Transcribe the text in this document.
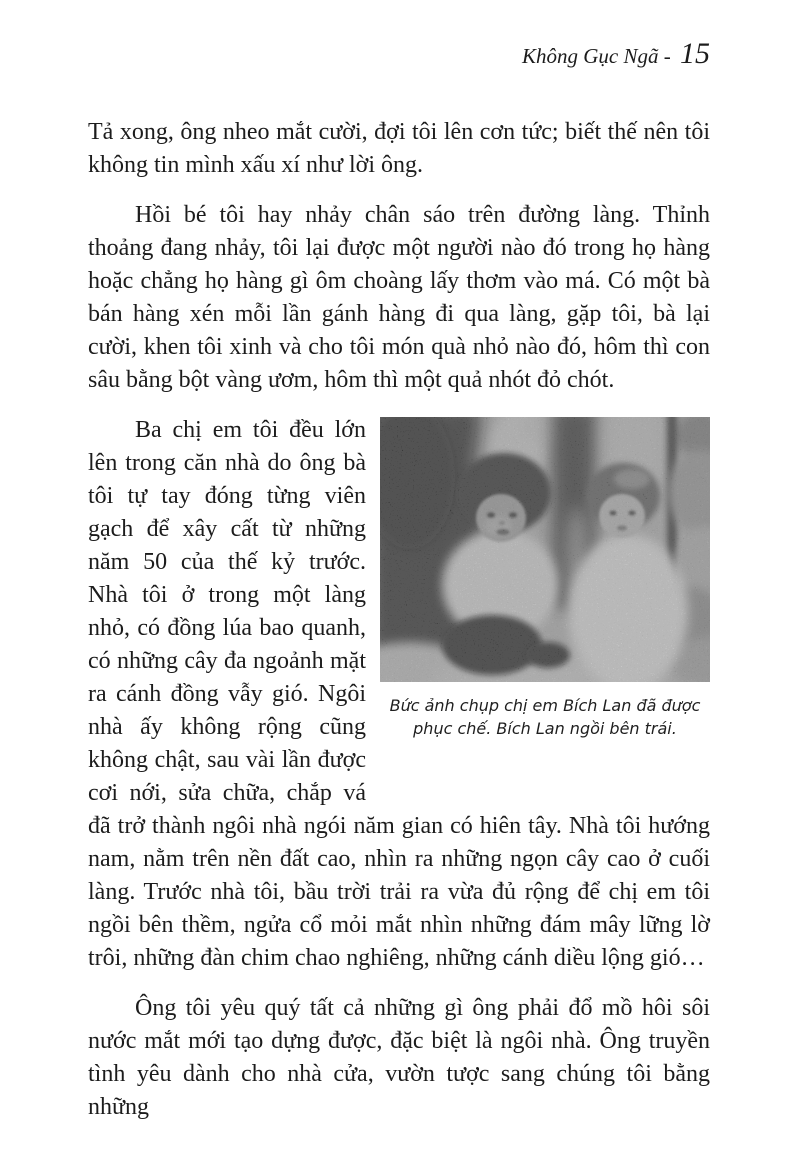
Không Gục Ngã - 15
Tả xong, ông nheo mắt cười, đợi tôi lên cơn tức; biết thế nên tôi không tin mình xấu xí như lời ông.
Hồi bé tôi hay nhảy chân sáo trên đường làng. Thỉnh thoảng đang nhảy, tôi lại được một người nào đó trong họ hàng hoặc chẳng họ hàng gì ôm choàng lấy thơm vào má. Có một bà bán hàng xén mỗi lần gánh hàng đi qua làng, gặp tôi, bà lại cười, khen tôi xinh và cho tôi món quà nhỏ nào đó, hôm thì con sâu bằng bột vàng ươm, hôm thì một quả nhót đỏ chót.
Bức ảnh chụp chị em Bích Lan đã được
phục chế. Bích Lan ngồi bên trái.
Ba chị em tôi đều lớn lên trong căn nhà do ông bà tôi tự tay đóng từng viên gạch để xây cất từ những năm 50 của thế kỷ trước. Nhà tôi ở trong một làng nhỏ, có đồng lúa bao quanh, có những cây đa ngoảnh mặt ra cánh đồng vẫy gió. Ngôi nhà ấy không rộng cũng không chật, sau vài lần được cơi nới, sửa chữa, chắp vá đã trở thành ngôi nhà ngói năm gian có hiên tây. Nhà tôi hướng nam, nằm trên nền đất cao, nhìn ra những ngọn cây cao ở cuối làng. Trước nhà tôi, bầu trời trải ra vừa đủ rộng để chị em tôi ngồi bên thềm, ngửa cổ mỏi mắt nhìn những đám mây lững lờ trôi, những đàn chim chao nghiêng, những cánh diều lộng gió…
Ông tôi yêu quý tất cả những gì ông phải đổ mồ hôi sôi nước mắt mới tạo dựng được, đặc biệt là ngôi nhà. Ông truyền tình yêu dành cho nhà cửa, vườn tược sang chúng tôi bằng những
